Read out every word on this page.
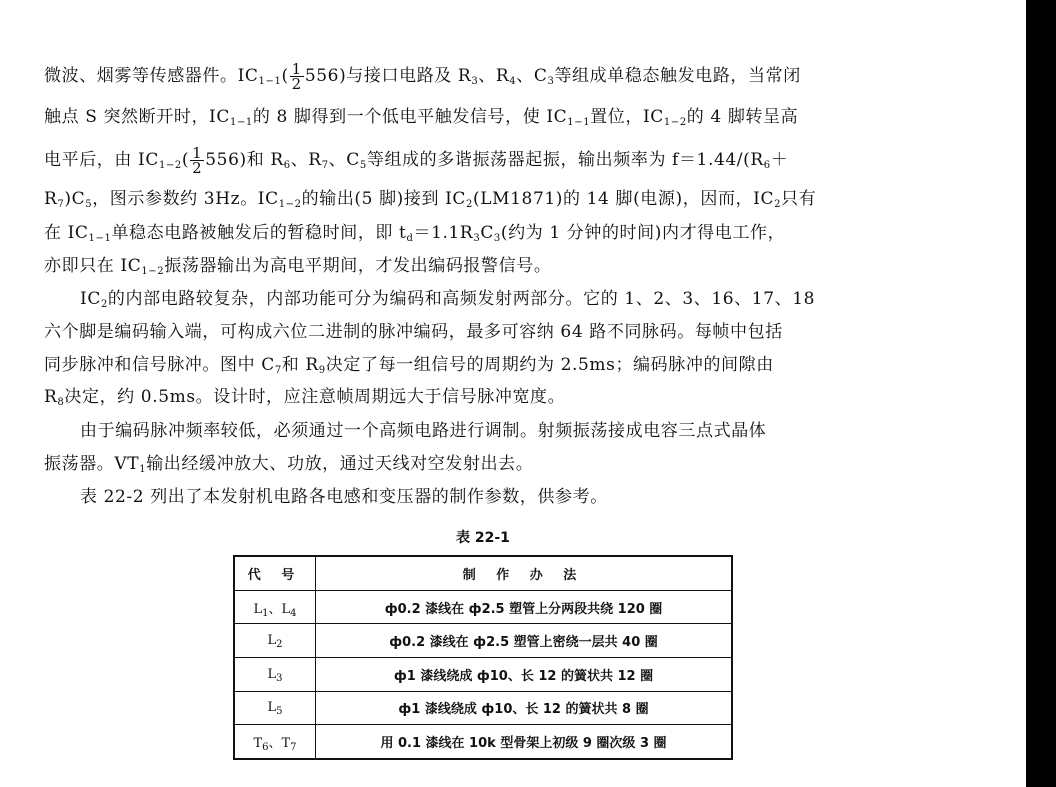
微波、烟雾等传感器件。$IC_{1-1}( \frac{1}{2} 556)$与接口电路及 $R_3$、$R_4$、$C_3$等组成单稳态触发电路，当常闭
触点 S 突然断开时，$IC_{1-1}$的 8 脚得到一个低电平触发信号，使 $IC_{1-1}$置位，$IC_{1-2}$的 4 脚转呈高
电平后，由 $IC_{1-2}( \frac{1}{2} 556)$和 $R_6$、$R_7$、$C_5$等组成的多谐振荡器起振，输出频率为 $f=1.44/(R_6+$
$R_7)C_5$，图示参数约 3Hz。$IC_{1-2}$的输出(5 脚)接到 $IC_2(LM1871)$的 14 脚(电源)，因而，$IC_2$只有
在 $IC_{1-1}$单稳态电路被触发后的暂稳时间，即 $t_d=1.1R_3C_3$(约为 1 分钟的时间)内才得电工作，
亦即只在 $IC_{1-2}$振荡器输出为高电平期间，才发出编码报警信号。
$IC_2$的内部电路较复杂，内部功能可分为编码和高频发射两部分。它的 1、2、3、16、17、18
六个脚是编码输入端，可构成六位二进制的脉冲编码，最多可容纳 64 路不同脉码。每帧中包括
同步脉冲和信号脉冲。图中 $C_7$和 $R_9$决定了每一组信号的周期约为 2.5ms；编码脉冲的间隙由
$R_8$决定，约 0.5ms。设计时，应注意帧周期远大于信号脉冲宽度。
由于编码脉冲频率较低，必须通过一个高频电路进行调制。射频振荡接成电容三点式晶体
振荡器。$VT_1$输出经缓冲放大、功放，通过天线对空发射出去。
表 22-2 列出了本发射机电路各电感和变压器的制作参数，供参考。
表 22-1
代 号	制 作 办 法
$L_1$、$L_4$	ф0.2 漆线在 ф2.5 塑管上分两段共绕 120 圈
$L_2$	ф0.2 漆线在 ф2.5 塑管上密绕一层共 40 圈
$L_3$	ф1 漆线绕成 ф10、长 12 的簧状共 12 圈
$L_5$	ф1 漆线绕成 ф10、长 12 的簧状共 8 圈
$T_6$、$T_7$	用 0.1 漆线在 10k 型骨架上初级 9 圈次级 3 圈
